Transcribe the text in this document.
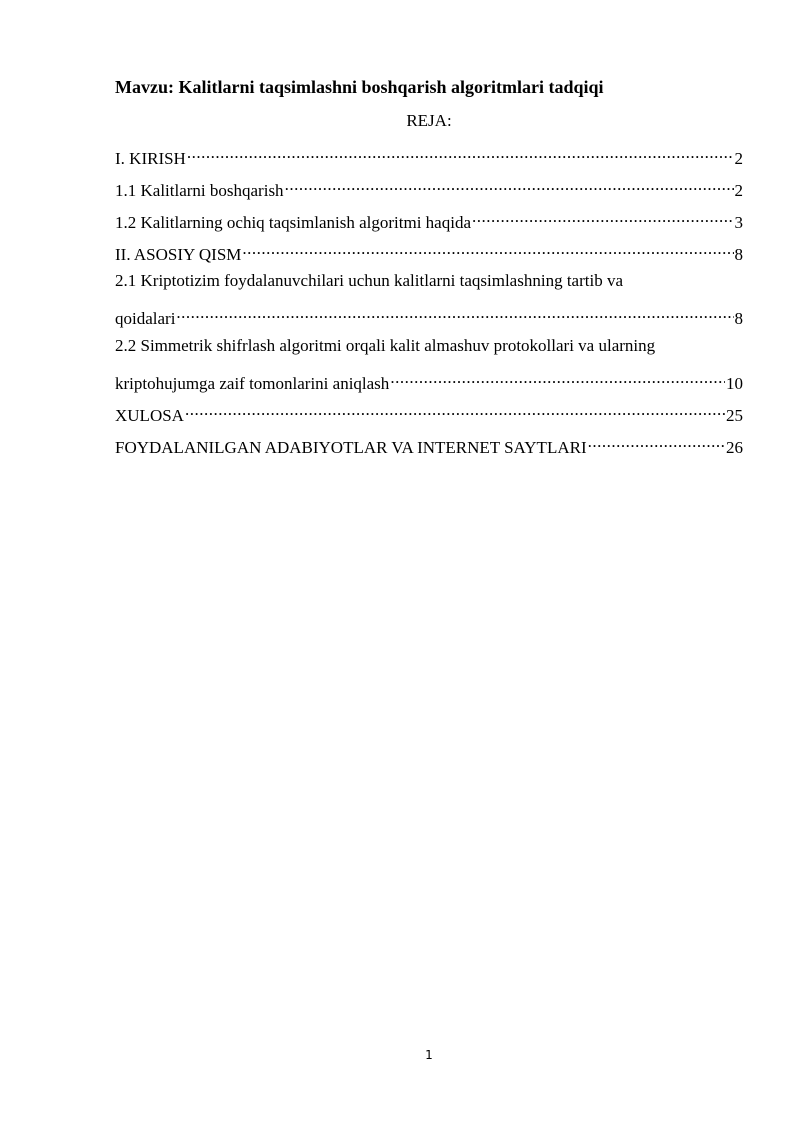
Mavzu: Kalitlarni taqsimlashni boshqarish algoritmlari tadqiqi
REJA:
I. KIRISH .....	2
1.1 Kalitlarni boshqarish .....	2
1.2 Kalitlarning ochiq taqsimlanish algoritmi haqida .....	3
II. ASOSIY QISM .....	8
2.1 Kriptotizim foydalanuvchilari uchun kalitlarni taqsimlashning tartib va
qoidalari .....	8
2.2 Simmetrik shifrlash algoritmi orqali kalit almashuv protokollari va ularning
kriptohujumga zaif tomonlarini aniqlash .....	10
XULOSA .....	25
FOYDALANILGAN ADABIYOTLAR VA INTERNET SAYTLARI .....	26
1
